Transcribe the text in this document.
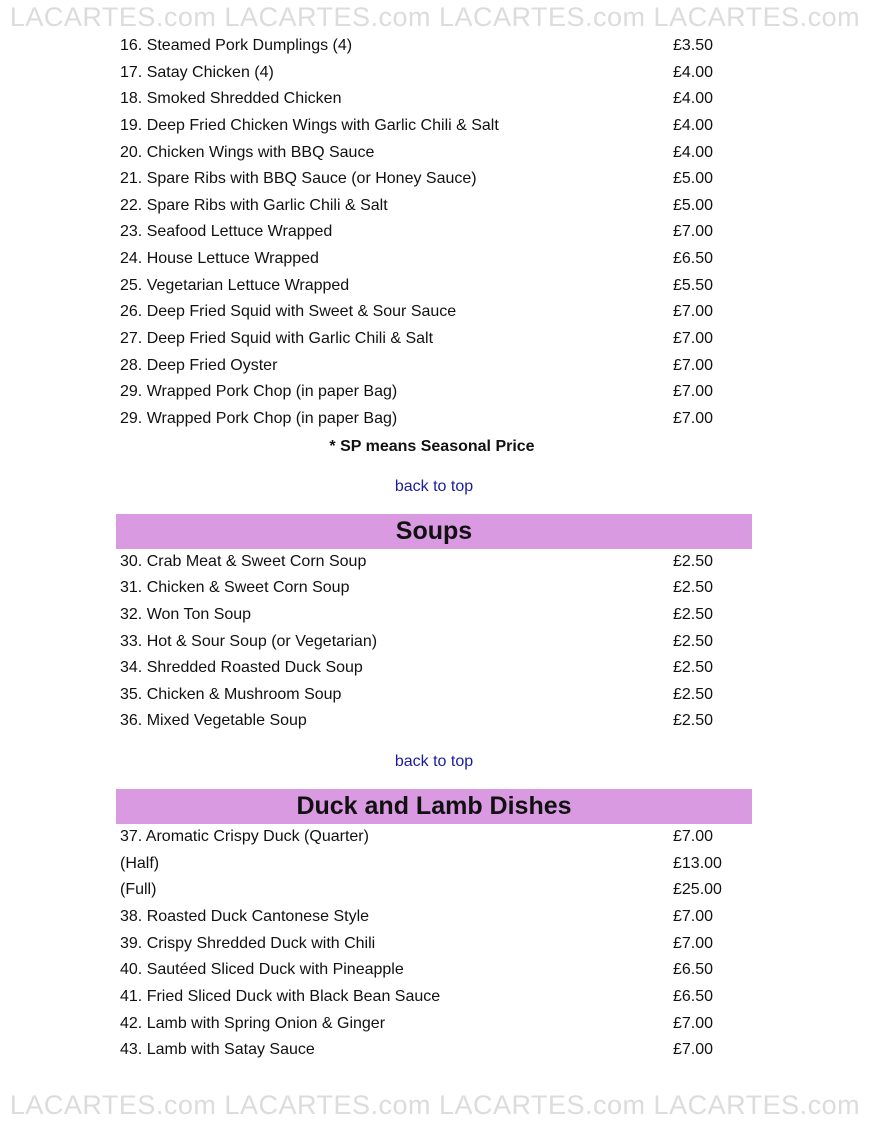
LACARTES.com LACARTES.com LACARTES.com LACARTES.com
16. Steamed Pork Dumplings (4)	£3.50
17. Satay Chicken (4)	£4.00
18. Smoked Shredded Chicken	£4.00
19. Deep Fried Chicken Wings with Garlic Chili & Salt	£4.00
20. Chicken Wings with BBQ Sauce	£4.00
21. Spare Ribs with BBQ Sauce (or Honey Sauce)	£5.00
22. Spare Ribs with Garlic Chili & Salt	£5.00
23. Seafood Lettuce Wrapped	£7.00
24. House Lettuce Wrapped	£6.50
25. Vegetarian Lettuce Wrapped	£5.50
26. Deep Fried Squid with Sweet & Sour Sauce	£7.00
27. Deep Fried Squid with Garlic Chili & Salt	£7.00
28. Deep Fried Oyster	£7.00
29. Wrapped Pork Chop (in paper Bag)	£7.00
29. Wrapped Pork Chop (in paper Bag)	£7.00
* SP means Seasonal Price
back to top
Soups
30. Crab Meat & Sweet Corn Soup	£2.50
31. Chicken & Sweet Corn Soup	£2.50
32. Won Ton Soup	£2.50
33. Hot & Sour Soup (or Vegetarian)	£2.50
34. Shredded Roasted Duck Soup	£2.50
35. Chicken & Mushroom Soup	£2.50
36. Mixed Vegetable Soup	£2.50
back to top
Duck and Lamb Dishes
37. Aromatic Crispy Duck (Quarter)	£7.00
(Half)	£13.00
(Full)	£25.00
38. Roasted Duck Cantonese Style	£7.00
39. Crispy Shredded Duck with Chili	£7.00
40. Sautéed Sliced Duck with Pineapple	£6.50
41. Fried Sliced Duck with Black Bean Sauce	£6.50
42. Lamb with Spring Onion & Ginger	£7.00
43. Lamb with Satay Sauce	£7.00
LACARTES.com LACARTES.com LACARTES.com LACARTES.com
